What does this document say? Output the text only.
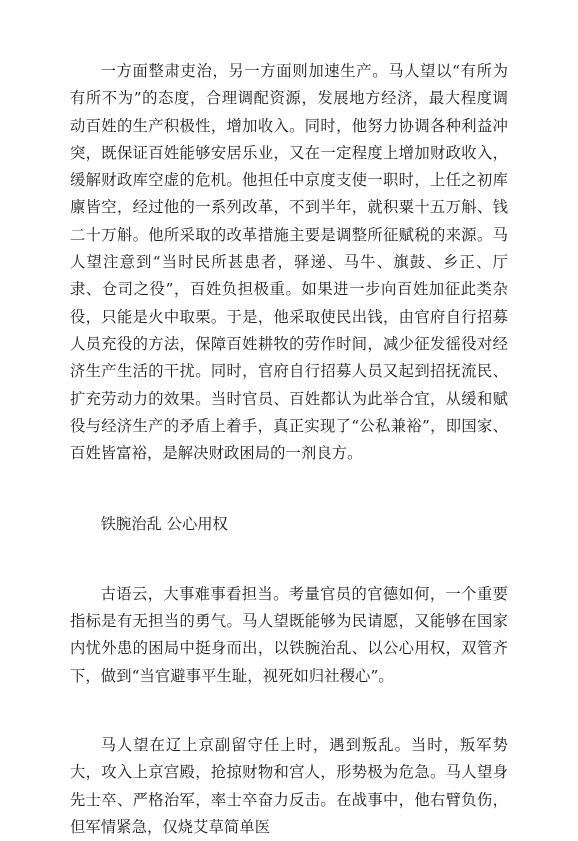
一方面整肃吏治，另一方面则加速生产。马人望以“有所为有所不为”的态度，合理调配资源，发展地方经济，最大程度调动百姓的生产积极性，增加收入。同时，他努力协调各种利益冲突，既保证百姓能够安居乐业，又在一定程度上增加财政收入，缓解财政库空虚的危机。他担任中京度支使一职时，上任之初库廪皆空，经过他的一系列改革，不到半年，就积粟十五万斛、钱二十万斛。他所采取的改革措施主要是调整所征赋税的来源。马人望注意到“当时民所甚患者，驿递、马牛、旗鼓、乡正、厅隶、仓司之役”，百姓负担极重。如果进一步向百姓加征此类杂役，只能是火中取栗。于是，他采取使民出钱，由官府自行招募人员充役的方法，保障百姓耕牧的劳作时间，减少征发徭役对经济生产生活的干扰。同时，官府自行招募人员又起到招抚流民、扩充劳动力的效果。当时官员、百姓都认为此举合宜，从缓和赋役与经济生产的矛盾上着手，真正实现了“公私兼裕”，即国家、百姓皆富裕，是解决财政困局的一剂良方。

铁腕治乱 公心用权

古语云，大事难事看担当。考量官员的官德如何，一个重要指标是有无担当的勇气。马人望既能够为民请愿，又能够在国家内忧外患的困局中挺身而出，以铁腕治乱、以公心用权，双管齐下，做到“当官避事平生耻，视死如归社稷心”。

马人望在辽上京副留守任上时，遇到叛乱。当时，叛军势大，攻入上京宫殿，抢掠财物和宫人，形势极为危急。马人望身先士卒、严格治军，率士卒奋力反击。在战事中，他右臂负伤，但军情紧急，仅烧艾草简单医
